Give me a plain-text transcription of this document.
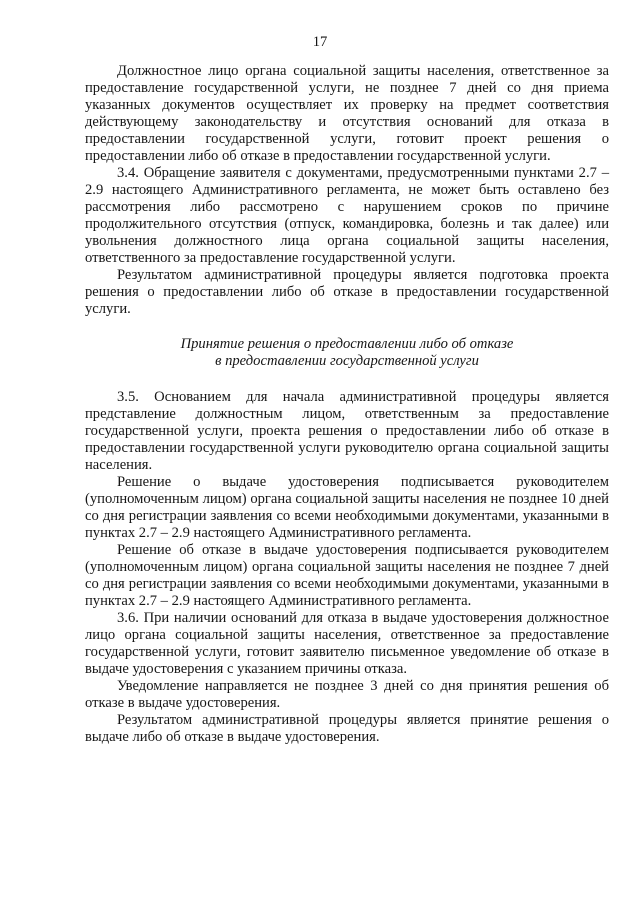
17

Должностное лицо органа социальной защиты населения, ответственное за предоставление государственной услуги, не позднее 7 дней со дня приема указанных документов осуществляет их проверку на предмет соответствия действующему законодательству и отсутствия оснований для отказа в предоставлении государственной услуги, готовит проект решения о предоставлении либо об отказе в предоставлении государственной услуги.

3.4. Обращение заявителя с документами, предусмотренными пунктами 2.7 – 2.9 настоящего Административного регламента, не может быть оставлено без рассмотрения либо рассмотрено с нарушением сроков по причине продолжительного отсутствия (отпуск, командировка, болезнь и так далее) или увольнения должностного лица органа социальной защиты населения, ответственного за предоставление государственной услуги.

Результатом административной процедуры является подготовка проекта решения о предоставлении либо об отказе в предоставлении государственной услуги.

Принятие решения о предоставлении либо об отказе

в предоставлении государственной услуги

3.5. Основанием для начала административной процедуры является представление должностным лицом, ответственным за предоставление государственной услуги, проекта решения о предоставлении либо об отказе в предоставлении государственной услуги руководителю органа социальной защиты населения.

Решение о выдаче удостоверения подписывается руководителем (уполномоченным лицом) органа социальной защиты населения не позднее 10 дней со дня регистрации заявления со всеми необходимыми документами, указанными в пунктах 2.7 – 2.9 настоящего Административного регламента.

Решение об отказе в выдаче удостоверения подписывается руководителем (уполномоченным лицом) органа социальной защиты населения не позднее 7 дней со дня регистрации заявления со всеми необходимыми документами, указанными в пунктах 2.7 – 2.9 настоящего Административного регламента.

3.6. При наличии оснований для отказа в выдаче удостоверения должностное лицо органа социальной защиты населения, ответственное за предоставление государственной услуги, готовит заявителю письменное уведомление об отказе в выдаче удостоверения с указанием причины отказа.

Уведомление направляется не позднее 3 дней со дня принятия решения об отказе в выдаче удостоверения.

Результатом административной процедуры является принятие решения о выдаче либо об отказе в выдаче удостоверения.
